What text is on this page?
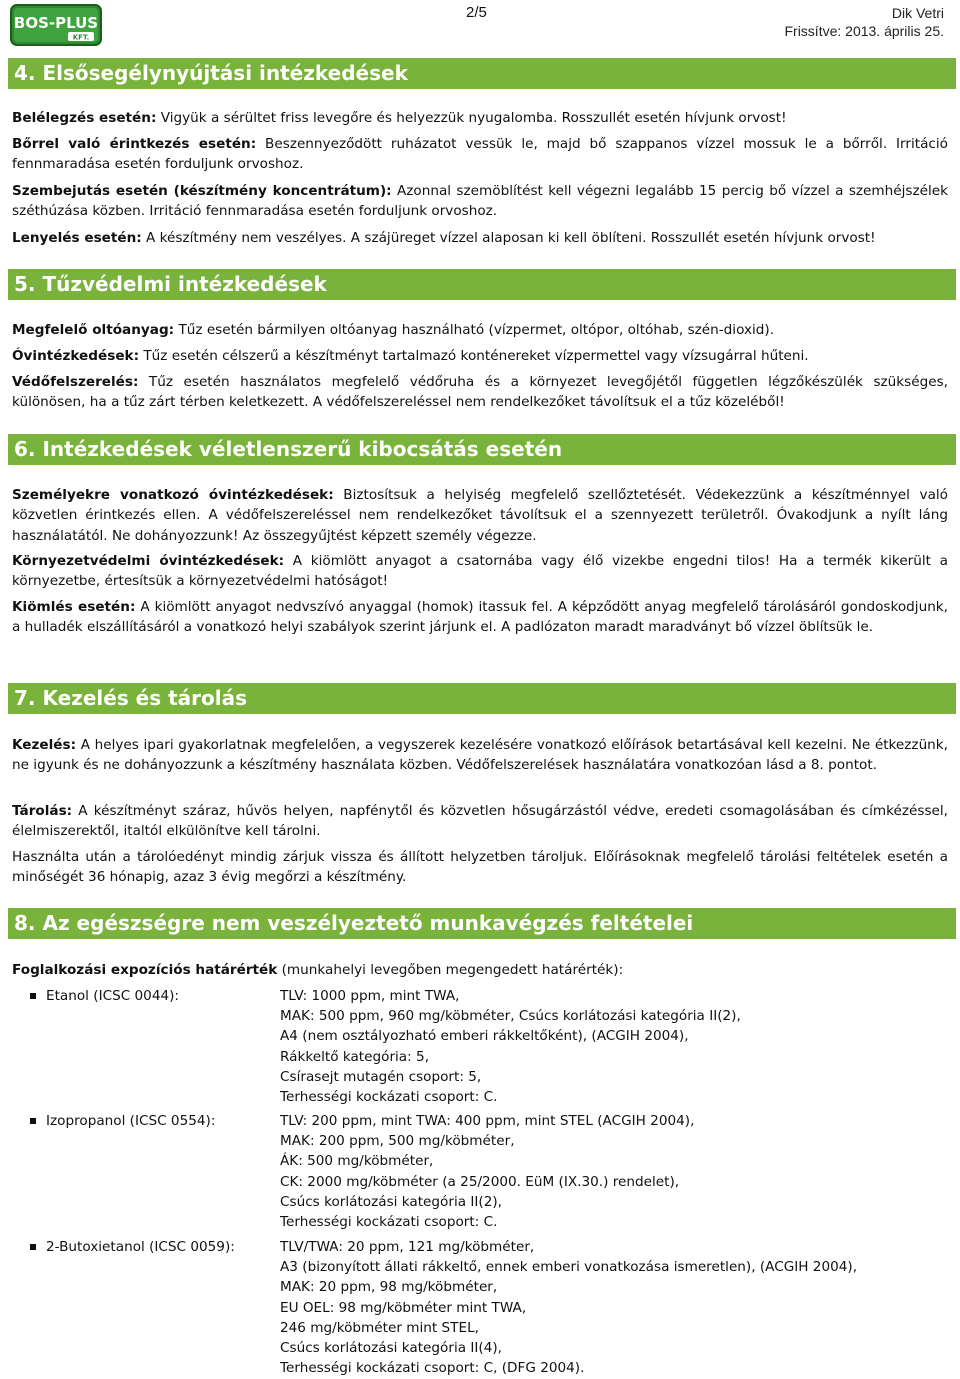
BOS-PLUS
KFT.
2/5	Dik Vetri
Frissítve: 2013. április 25.
4. Elsősegélynyújtási intézkedések
Belélegzés esetén: Vigyük a sérültet friss levegőre és helyezzük nyugalomba. Rosszullét esetén hívjunk orvost!
Bőrrel való érintkezés esetén: Beszennyeződött ruházatot vessük le, majd bő szappanos vízzel mossuk le a bőrről. Irritáció fennmaradása esetén forduljunk orvoshoz.
Szembejutás esetén (készítmény koncentrátum): Azonnal szemöblítést kell végezni legalább 15 percig bő vízzel a szemhéjszélek széthúzása közben. Irritáció fennmaradása esetén forduljunk orvoshoz.
Lenyelés esetén: A készítmény nem veszélyes. A szájüreget vízzel alaposan ki kell öblíteni. Rosszullét esetén hívjunk orvost!
5. Tűzvédelmi intézkedések
Megfelelő oltóanyag: Tűz esetén bármilyen oltóanyag használható (vízpermet, oltópor, oltóhab, szén-dioxid).
Óvintézkedések: Tűz esetén célszerű a készítményt tartalmazó konténereket vízpermettel vagy vízsugárral hűteni.
Védőfelszerelés: Tűz esetén használatos megfelelő védőruha és a környezet levegőjétől független légzőkészülék szükséges, különösen, ha a tűz zárt térben keletkezett. A védőfelszereléssel nem rendelkezőket távolítsuk el a tűz közeléből!
6. Intézkedések véletlenszerű kibocsátás esetén
Személyekre vonatkozó óvintézkedések: Biztosítsuk a helyiség megfelelő szellőztetését. Védekezzünk a készítménnyel való közvetlen érintkezés ellen. A védőfelszereléssel nem rendelkezőket távolítsuk el a szennyezett területről. Óvakodjunk a nyílt láng használatától. Ne dohányozzunk! Az összegyűjtést képzett személy végezze.
Környezetvédelmi óvintézkedések: A kiömlött anyagot a csatornába vagy élő vizekbe engedni tilos! Ha a termék kikerült a környezetbe, értesítsük a környezetvédelmi hatóságot!
Kiömlés esetén: A kiömlött anyagot nedvszívó anyaggal (homok) itassuk fel. A képződött anyag megfelelő tárolásáról gondoskodjunk, a hulladék elszállításáról a vonatkozó helyi szabályok szerint járjunk el. A padlózaton maradt maradványt bő vízzel öblítsük le.
7. Kezelés és tárolás
Kezelés: A helyes ipari gyakorlatnak megfelelően, a vegyszerek kezelésére vonatkozó előírások betartásával kell kezelni. Ne étkezzünk, ne igyunk és ne dohányozzunk a készítmény használata közben. Védőfelszerelések használatára vonatkozóan lásd a 8. pontot.
Tárolás: A készítményt száraz, hűvös helyen, napfénytől és közvetlen hősugárzástól védve, eredeti csomagolásában és címkézéssel, élelmiszerektől, italtól elkülönítve kell tárolni.
Használta után a tárolóedényt mindig zárjuk vissza és állított helyzetben tároljuk. Előírásoknak megfelelő tárolási feltételek esetén a minőségét 36 hónapig, azaz 3 évig megőrzi a készítmény.
8. Az egészségre nem veszélyeztető munkavégzés feltételei
Foglalkozási expozíciós határérték (munkahelyi levegőben megengedett határérték):
Etanol (ICSC 0044):	TLV: 1000 ppm, mint TWA,
MAK: 500 ppm, 960 mg/köbméter, Csúcs korlátozási kategória II(2),
A4 (nem osztályozható emberi rákkeltőként), (ACGIH 2004),
Rákkeltő kategória: 5,
Csírasejt mutagén csoport: 5,
Terhességi kockázati csoport: C.
Izopropanol (ICSC 0554):	TLV: 200 ppm, mint TWA: 400 ppm, mint STEL (ACGIH 2004),
MAK: 200 ppm, 500 mg/köbméter,
ÁK: 500 mg/köbméter,
CK: 2000 mg/köbméter (a 25/2000. EüM (IX.30.) rendelet),
Csúcs korlátozási kategória II(2),
Terhességi kockázati csoport: C.
2-Butoxietanol (ICSC 0059):	TLV/TWA: 20 ppm, 121 mg/köbméter,
A3 (bizonyított állati rákkeltő, ennek emberi vonatkozása ismeretlen), (ACGIH 2004),
MAK: 20 ppm, 98 mg/köbméter,
EU OEL: 98 mg/köbméter mint TWA,
246 mg/köbméter mint STEL,
Csúcs korlátozási kategória II(4),
Terhességi kockázati csoport: C, (DFG 2004).
